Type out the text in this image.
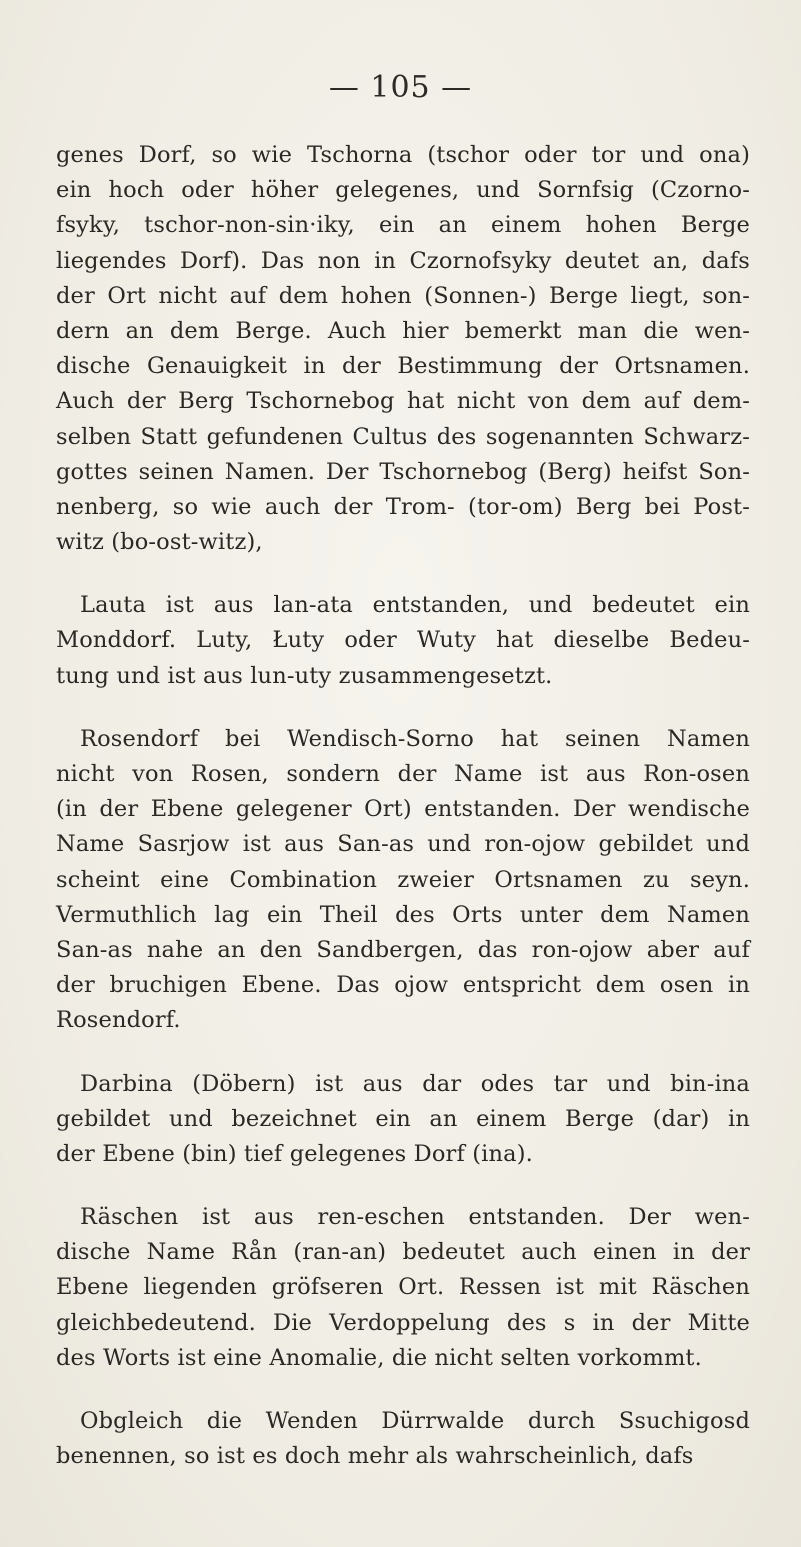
— 105 —
genes Dorf, so wie Tschorna (tschor oder tor und ona)
ein hoch oder höher gelegenes, und Sornfsig (Czorno-
fsyky, tschor-non-sin·iky, ein an einem hohen Berge
liegendes Dorf). Das non in Czornofsyky deutet an, dafs
der Ort nicht auf dem hohen (Sonnen-) Berge liegt, son-
dern an dem Berge. Auch hier bemerkt man die wen-
dische Genauigkeit in der Bestimmung der Ortsnamen.
Auch der Berg Tschornebog hat nicht von dem auf dem-
selben Statt gefundenen Cultus des sogenannten Schwarz-
gottes seinen Namen. Der Tschornebog (Berg) heifst Son-
nenberg, so wie auch der Trom- (tor-om) Berg bei Post-
witz (bo-ost-witz),
Lauta ist aus lan-ata entstanden, und bedeutet ein
Monddorf. Luty, Łuty oder Wuty hat dieselbe Bedeu-
tung und ist aus lun-uty zusammengesetzt.
Rosendorf bei Wendisch-Sorno hat seinen Namen
nicht von Rosen, sondern der Name ist aus Ron-osen
(in der Ebene gelegener Ort) entstanden. Der wendische
Name Sasrjow ist aus San-as und ron-ojow gebildet und
scheint eine Combination zweier Ortsnamen zu seyn.
Vermuthlich lag ein Theil des Orts unter dem Namen
San-as nahe an den Sandbergen, das ron-ojow aber auf
der bruchigen Ebene. Das ojow entspricht dem osen in
Rosendorf.
Darbina (Döbern) ist aus dar odes tar und bin-ina
gebildet und bezeichnet ein an einem Berge (dar) in
der Ebene (bin) tief gelegenes Dorf (ina).
Räschen ist aus ren-eschen entstanden. Der wen-
dische Name Rån (ran-an) bedeutet auch einen in der
Ebene liegenden gröfseren Ort. Ressen ist mit Räschen
gleichbedeutend. Die Verdoppelung des s in der Mitte
des Worts ist eine Anomalie, die nicht selten vorkommt.
Obgleich die Wenden Dürrwalde durch Ssuchigosd
benennen, so ist es doch mehr als wahrscheinlich, dafs
